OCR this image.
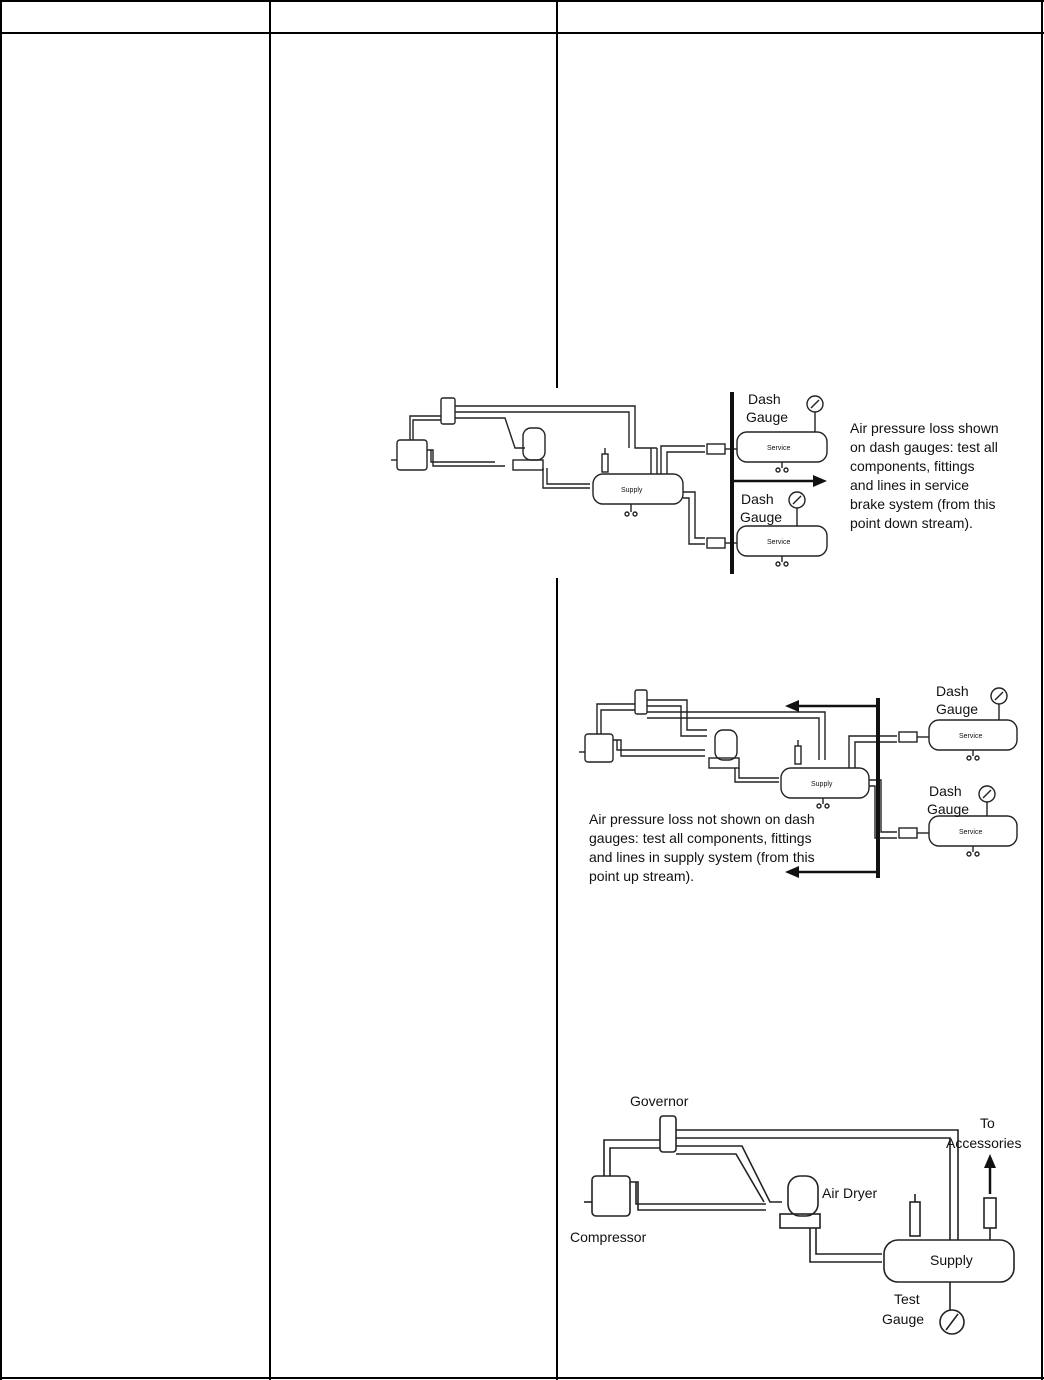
Supply
Service
Service
Dash
Gauge
Dash
Gauge
Air pressure loss shown
on dash gauges: test all
components, fittings
and lines in service
brake system (from this
point down stream).
Supply
Service
Service
Dash
Gauge
Dash
Gauge
Air pressure loss not shown on dash
gauges: test all components, fittings
and lines in supply system (from this
point up stream).
Governor
To
Accessories
Air Dryer
Compressor
Supply
Test
Gauge
